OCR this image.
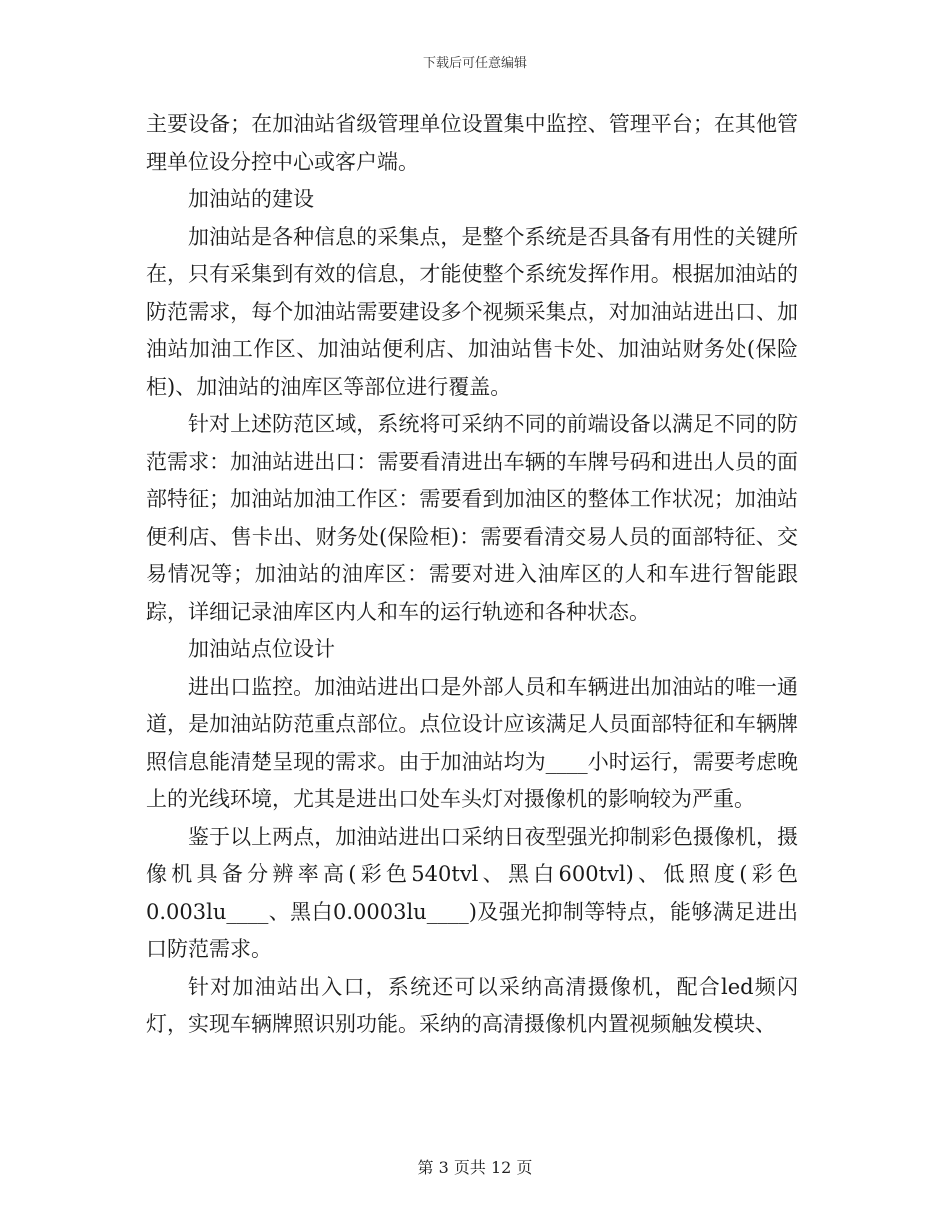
下载后可任意编辑

主要设备；在加油站省级管理单位设置集中监控、管理平台；在其他管理单位设分控中心或客户端。

加油站的建设

加油站是各种信息的采集点，是整个系统是否具备有用性的关键所在，只有采集到有效的信息，才能使整个系统发挥作用。根据加油站的防范需求，每个加油站需要建设多个视频采集点，对加油站进出口、加油站加油工作区、加油站便利店、加油站售卡处、加油站财务处(保险柜)、加油站的油库区等部位进行覆盖。

针对上述防范区域，系统将可采纳不同的前端设备以满足不同的防范需求：加油站进出口：需要看清进出车辆的车牌号码和进出人员的面部特征；加油站加油工作区：需要看到加油区的整体工作状况；加油站便利店、售卡出、财务处(保险柜)：需要看清交易人员的面部特征、交易情况等；加油站的油库区：需要对进入油库区的人和车进行智能跟踪，详细记录油库区内人和车的运行轨迹和各种状态。

加油站点位设计

进出口监控。加油站进出口是外部人员和车辆进出加油站的唯一通道，是加油站防范重点部位。点位设计应该满足人员面部特征和车辆牌照信息能清楚呈现的需求。由于加油站均为____小时运行，需要考虑晚上的光线环境，尤其是进出口处车头灯对摄像机的影响较为严重。

鉴于以上两点，加油站进出口采纳日夜型强光抑制彩色摄像机，摄像机具备分辨率高(彩色540tvl、黑白600tvl)、低照度(彩色0.003lu____、黑白0.0003lu____)及强光抑制等特点，能够满足进出口防范需求。

针对加油站出入口，系统还可以采纳高清摄像机，配合led频闪灯，实现车辆牌照识别功能。采纳的高清摄像机内置视频触发模块、

第 3 页共 12 页
